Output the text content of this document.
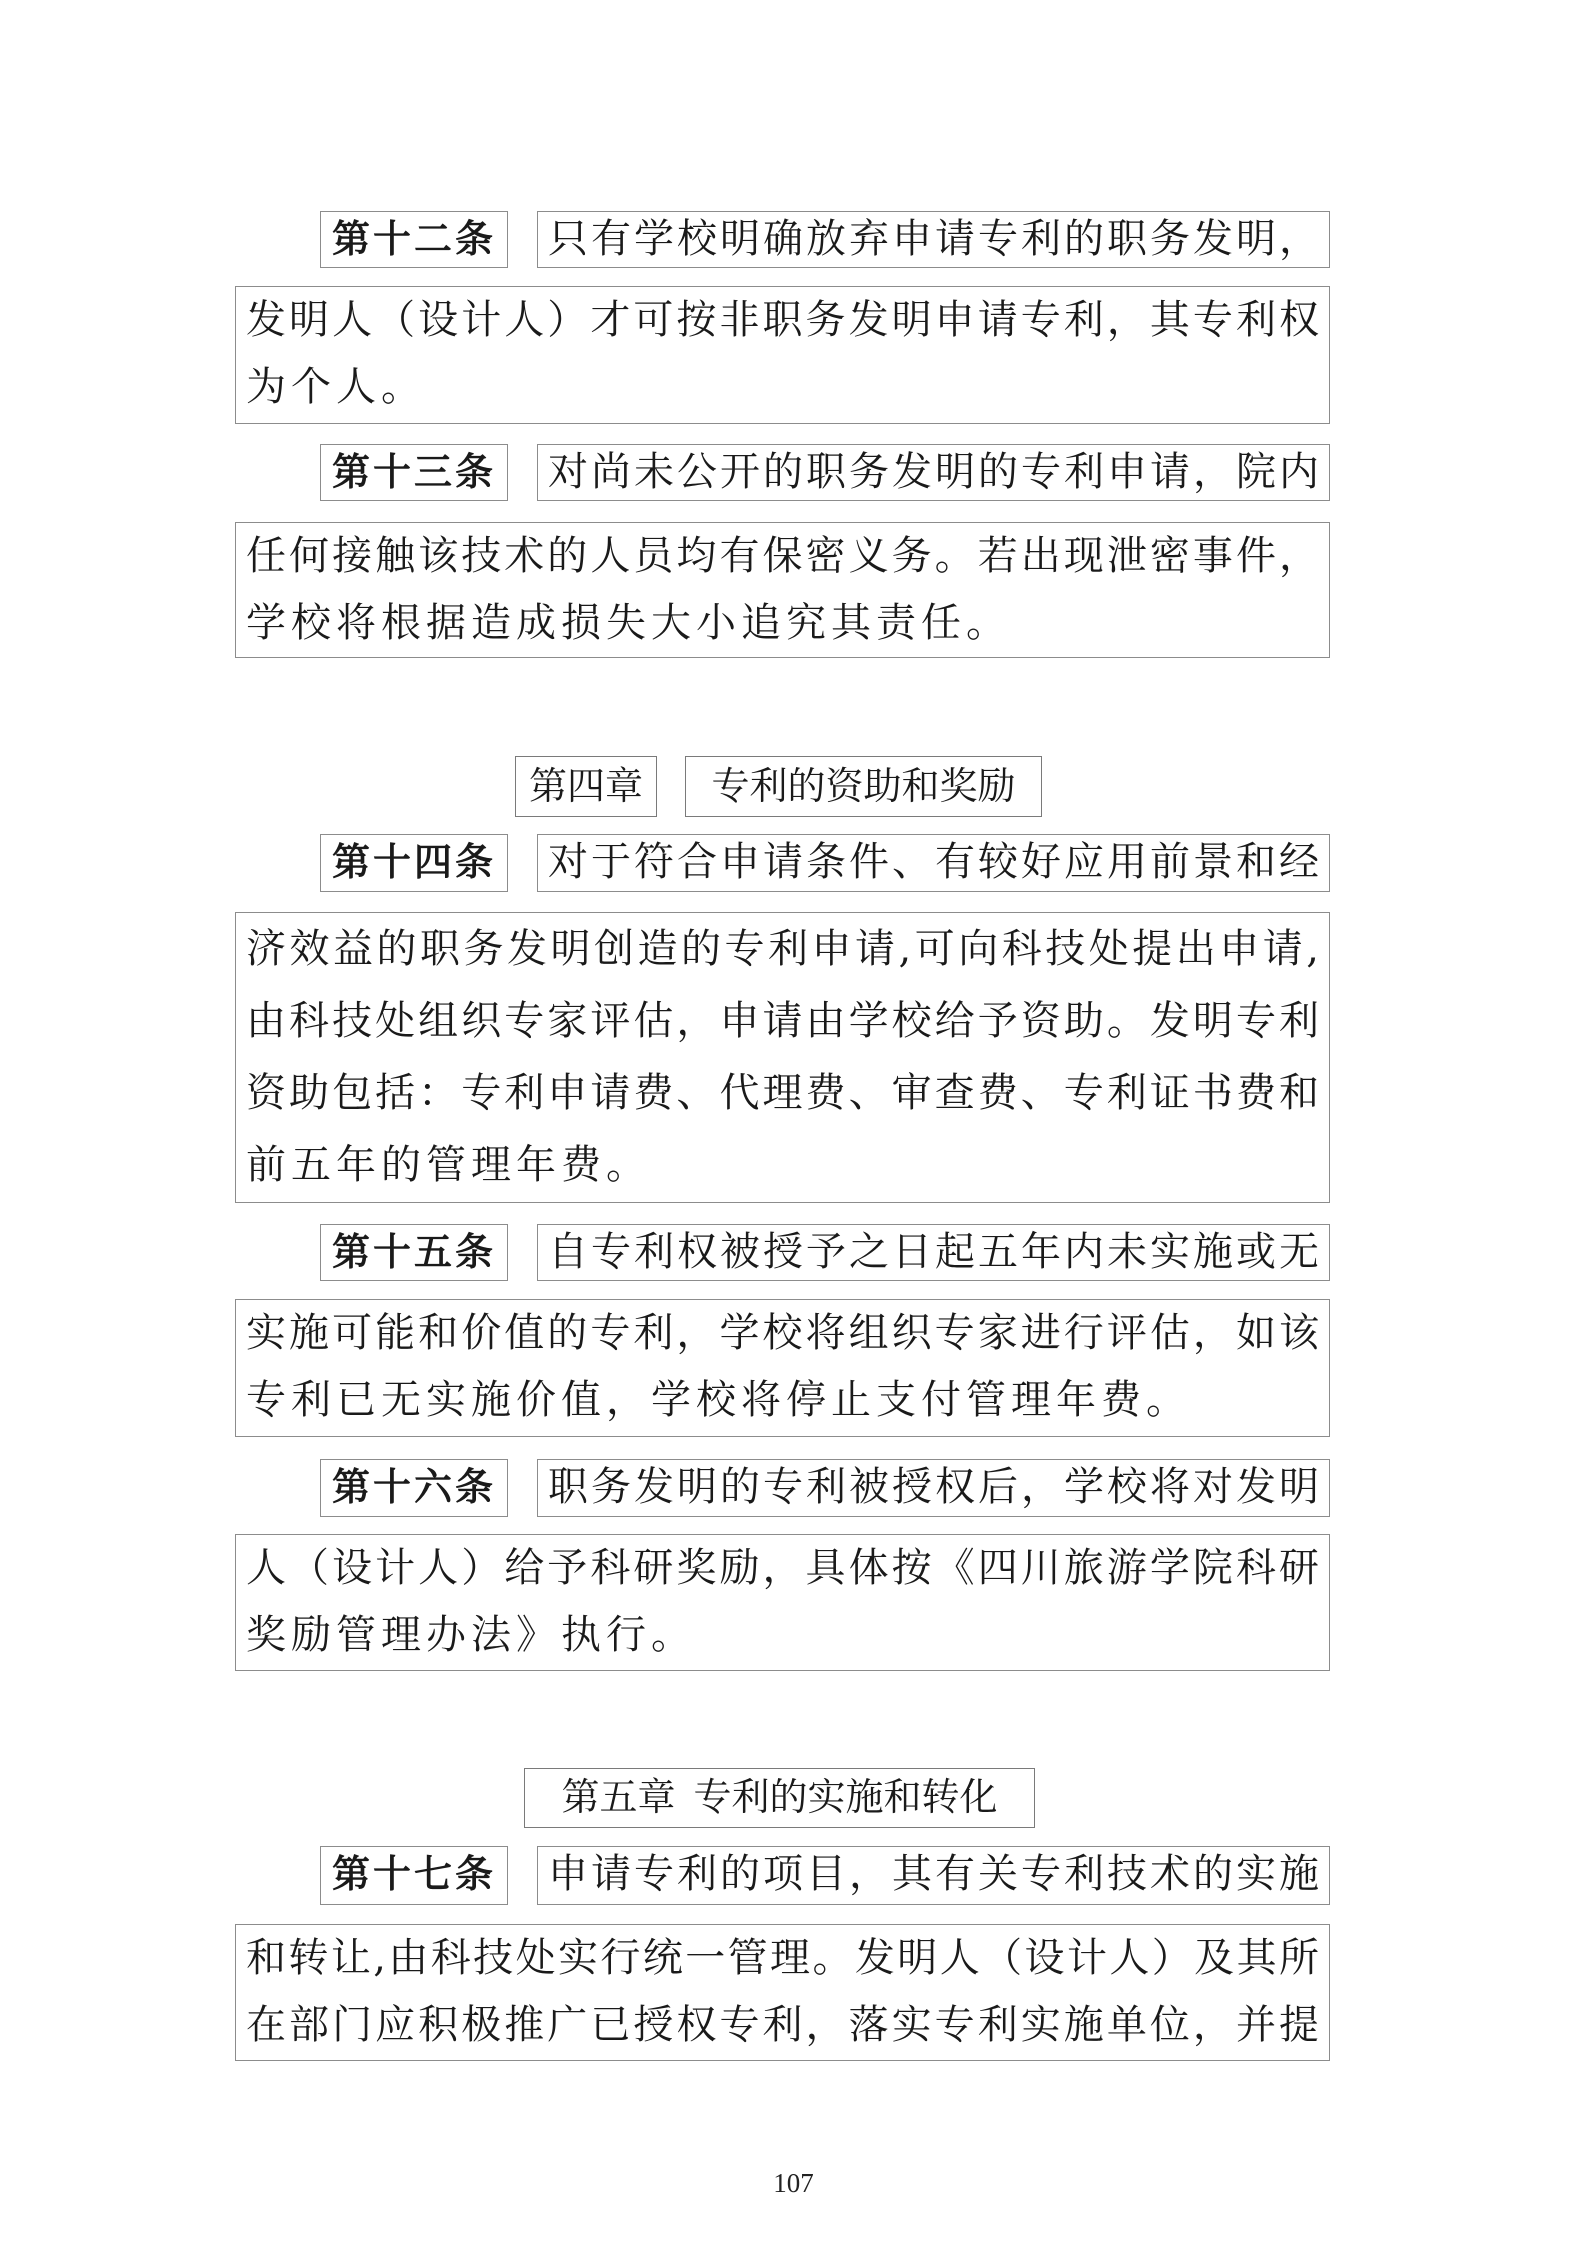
第十二条	只有学校明确放弃申请专利的职务发明，
发明人（设计人）才可按非职务发明申请专利，其专利权
为个人。
第十三条	对尚未公开的职务发明的专利申请，院内
任何接触该技术的人员均有保密义务。若出现泄密事件，
学校将根据造成损失大小追究其责任。
第四章	专利的资助和奖励
第十四条	对于符合申请条件、有较好应用前景和经
济效益的职务发明创造的专利申请,可向科技处提出申请,
由科技处组织专家评估，申请由学校给予资助。发明专利
资助包括：专利申请费、代理费、审查费、专利证书费和
前五年的管理年费。
第十五条	自专利权被授予之日起五年内未实施或无
实施可能和价值的专利，学校将组织专家进行评估，如该
专利已无实施价值，学校将停止支付管理年费。
第十六条	职务发明的专利被授权后，学校将对发明
人（设计人）给予科研奖励，具体按《四川旅游学院科研
奖励管理办法》执行。
第五章 专利的实施和转化
第十七条	申请专利的项目，其有关专利技术的实施
和转让,由科技处实行统一管理。发明人（设计人）及其所
在部门应积极推广已授权专利，落实专利实施单位，并提
107
